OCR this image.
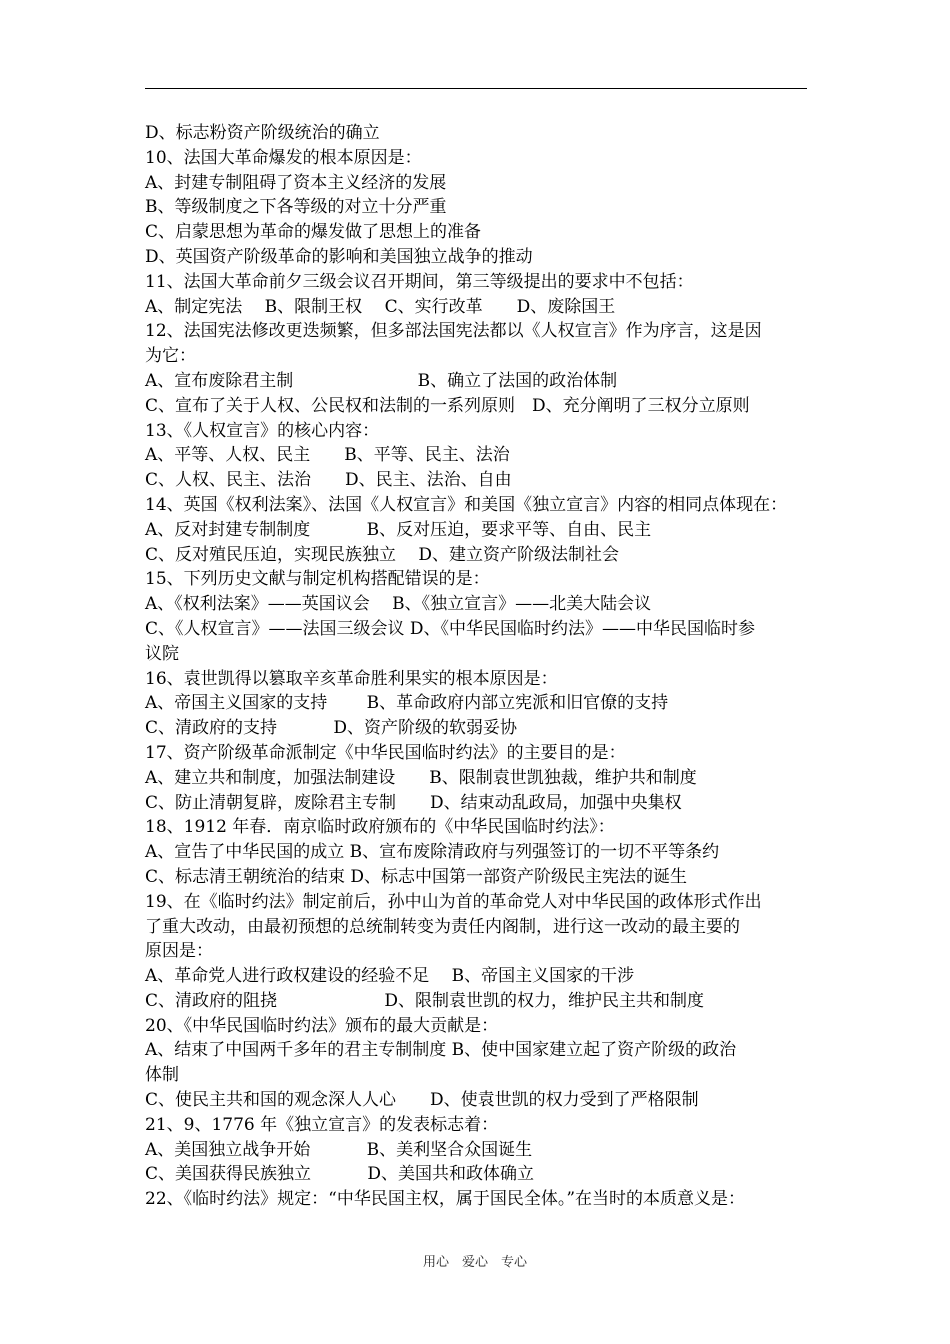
D、标志粉资产阶级统治的确立
10、法国大革命爆发的根本原因是：
A、封建专制阻碍了资本主义经济的发展
B、等级制度之下各等级的对立十分严重
C、启蒙思想为革命的爆发做了思想上的准备
D、英国资产阶级革命的影响和美国独立战争的推动
11、法国大革命前夕三级会议召开期间，第三等级提出的要求中不包括：
A、制定宪法　 B、限制王权　 C、实行改革　　D、废除国王
12、法国宪法修改更迭频繁，但多部法国宪法都以《人权宣言》作为序言，这是因
为它：
A、宣布废除君主制　　　　　　　 B、确立了法国的政治体制
C、宣布了关于人权、公民权和法制的一系列原则　D、充分阐明了三权分立原则
13、《人权宣言》的核心内容：
A、平等、人权、民主　　B、平等、民主、法治
C、人权、民主、法治　　D、民主、法治、自由
14、英国《权利法案》、法国《人权宣言》和美国《独立宣言》内容的相同点体现在：
A、反对封建专制制度　　　 B、反对压迫，要求平等、自由、民主
C、反对殖民压迫，实现民族独立　 D、建立资产阶级法制社会
15、下列历史文献与制定机构搭配错误的是：
A、《权利法案》——英国议会　 B、《独立宣言》——北美大陆会议
C、《人权宣言》——法国三级会议 D、《中华民国临时约法》——中华民国临时参
议院
16、袁世凯得以篡取辛亥革命胜利果实的根本原因是：
A、帝国主义国家的支持　　 B、革命政府内部立宪派和旧官僚的支持
C、清政府的支持　　　 D、资产阶级的软弱妥协
17、资产阶级革命派制定《中华民国临时约法》的主要目的是：
A、建立共和制度，加强法制建设　　B、限制袁世凯独裁，维护共和制度
C、防止清朝复辟，废除君主专制　　D、结束动乱政局，加强中央集权
18、1912 年春．南京临时政府颁布的《中华民国临时约法》：
A、宣告了中华民国的成立 B、宣布废除清政府与列强签订的一切不平等条约
C、标志清王朝统治的结束 D、标志中国第一部资产阶级民主宪法的诞生
19、在《临时约法》制定前后，孙中山为首的革命党人对中华民国的政体形式作出
了重大改动，由最初预想的总统制转变为责任内阁制，进行这一改动的最主要的
原因是：
A、革命党人进行政权建设的经验不足　 B、帝国主义国家的干涉
C、清政府的阻挠　　　　　　 D、限制袁世凯的权力，维护民主共和制度
20、《中华民国临时约法》颁布的最大贡献是：
A、结束了中国两千多年的君主专制制度 B、使中国家建立起了资产阶级的政治
体制
C、使民主共和国的观念深人人心　　D、使袁世凯的权力受到了严格限制
21、9、1776 年《独立宣言》的发表标志着：
A、美国独立战争开始　　　 B、美利坚合众国诞生
C、美国获得民族独立　　　 D、美国共和政体确立
22、《临时约法》规定：“中华民国主权，属于国民全体。”在当时的本质意义是：
用心　爱心　专心
